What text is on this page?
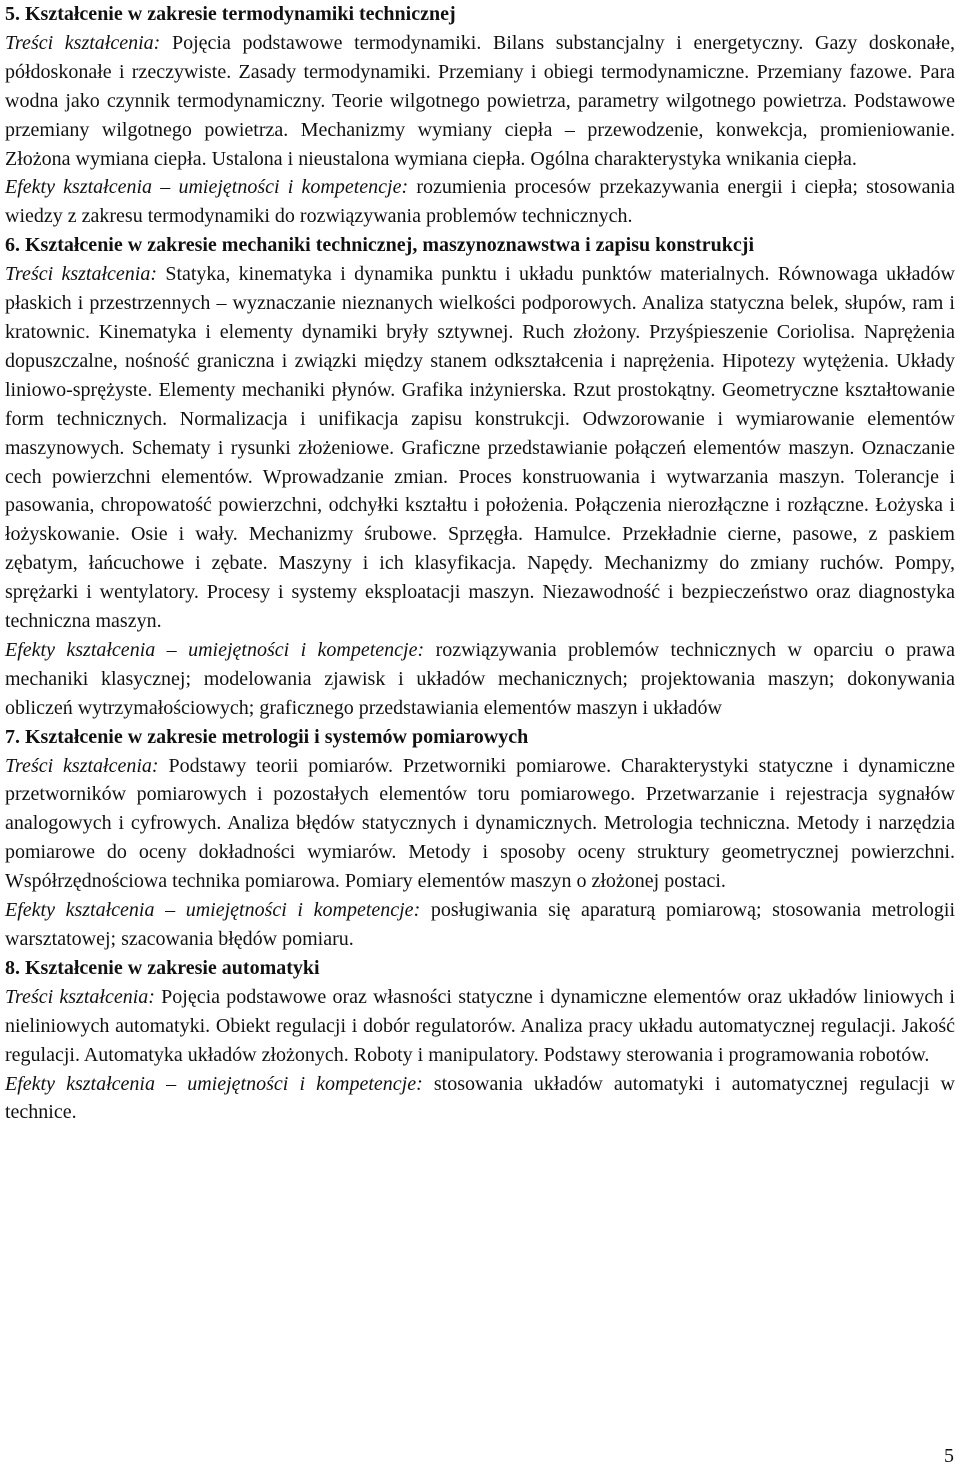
5. Kształcenie w zakresie termodynamiki technicznej

Treści kształcenia: Pojęcia podstawowe termodynamiki. Bilans substancjalny i energetyczny. Gazy doskonałe, półdoskonałe i rzeczywiste. Zasady termodynamiki. Przemiany i obiegi termodynamiczne. Przemiany fazowe. Para wodna jako czynnik termodynamiczny. Teorie wilgotnego powietrza, parametry wilgotnego powietrza. Podstawowe przemiany wilgotnego powietrza. Mechanizmy wymiany ciepła – przewodzenie, konwekcja, promieniowanie. Złożona wymiana ciepła. Ustalona i nieustalona wymiana ciepła. Ogólna charakterystyka wnikania ciepła.

Efekty kształcenia – umiejętności i kompetencje: rozumienia procesów przekazywania energii i ciepła; stosowania wiedzy z zakresu termodynamiki do rozwiązywania problemów technicznych.

6. Kształcenie w zakresie mechaniki technicznej, maszynoznawstwa i zapisu konstrukcji

Treści kształcenia: Statyka, kinematyka i dynamika punktu i układu punktów materialnych. Równowaga układów płaskich i przestrzennych – wyznaczanie nieznanych wielkości podporowych. Analiza statyczna belek, słupów, ram i kratownic. Kinematyka i elementy dynamiki bryły sztywnej. Ruch złożony. Przyśpieszenie Coriolisa. Naprężenia dopuszczalne, nośność graniczna i związki między stanem odkształcenia i naprężenia. Hipotezy wytężenia. Układy liniowo-sprężyste. Elementy mechaniki płynów. Grafika inżynierska. Rzut prostokątny. Geometryczne kształtowanie form technicznych. Normalizacja i unifikacja zapisu konstrukcji. Odwzorowanie i wymiarowanie elementów maszynowych. Schematy i rysunki złożeniowe. Graficzne przedstawianie połączeń elementów maszyn. Oznaczanie cech powierzchni elementów. Wprowadzanie zmian. Proces konstruowania i wytwarzania maszyn. Tolerancje i pasowania, chropowatość powierzchni, odchyłki kształtu i położenia. Połączenia nierozłączne i rozłączne. Łożyska i łożyskowanie. Osie i wały. Mechanizmy śrubowe. Sprzęgła. Hamulce. Przekładnie cierne, pasowe, z paskiem zębatym, łańcuchowe i zębate. Maszyny i ich klasyfikacja. Napędy. Mechanizmy do zmiany ruchów. Pompy, sprężarki i wentylatory. Procesy i systemy eksploatacji maszyn. Niezawodność i bezpieczeństwo oraz diagnostyka techniczna maszyn.

Efekty kształcenia – umiejętności i kompetencje: rozwiązywania problemów technicznych w oparciu o prawa mechaniki klasycznej; modelowania zjawisk i układów mechanicznych; projektowania maszyn; dokonywania obliczeń wytrzymałościowych; graficznego przedstawiania elementów maszyn i układów

7. Kształcenie w zakresie metrologii i systemów pomiarowych

Treści kształcenia: Podstawy teorii pomiarów. Przetworniki pomiarowe. Charakterystyki statyczne i dynamiczne przetworników pomiarowych i pozostałych elementów toru pomiarowego. Przetwarzanie i rejestracja sygnałów analogowych i cyfrowych. Analiza błędów statycznych i dynamicznych. Metrologia techniczna. Metody i narzędzia pomiarowe do oceny dokładności wymiarów. Metody i sposoby oceny struktury geometrycznej powierzchni. Współrzędnościowa technika pomiarowa. Pomiary elementów maszyn o złożonej postaci.

Efekty kształcenia – umiejętności i kompetencje: posługiwania się aparaturą pomiarową; stosowania metrologii warsztatowej; szacowania błędów pomiaru.

8. Kształcenie w zakresie automatyki

Treści kształcenia: Pojęcia podstawowe oraz własności statyczne i dynamiczne elementów oraz układów liniowych i nieliniowych automatyki. Obiekt regulacji i dobór regulatorów. Analiza pracy układu automatycznej regulacji. Jakość regulacji. Automatyka układów złożonych. Roboty i manipulatory. Podstawy sterowania i programowania robotów.

Efekty kształcenia – umiejętności i kompetencje: stosowania układów automatyki i automatycznej regulacji w technice.

5
